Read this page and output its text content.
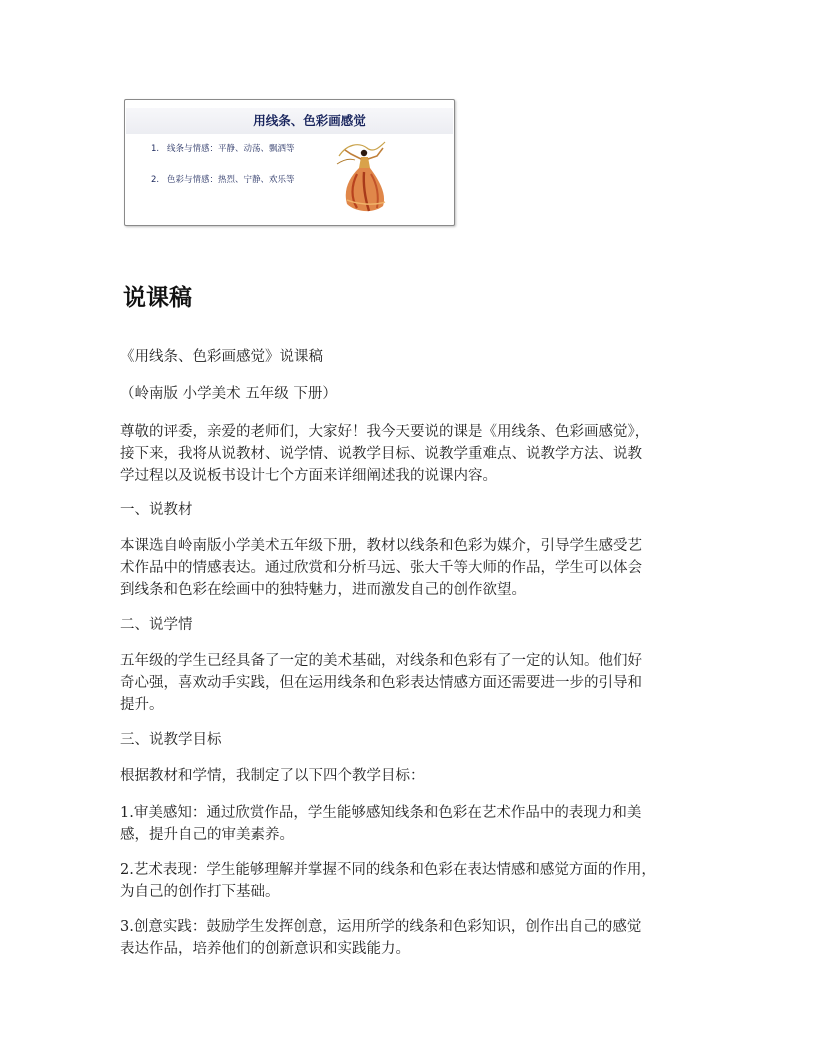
用线条、色彩画感觉
1. 线条与情感：平静、动荡、飘洒等
2. 色彩与情感：热烈、宁静、欢乐等
说课稿

《用线条、色彩画感觉》说课稿

（岭南版 小学美术 五年级 下册）

尊敬的评委，亲爱的老师们，大家好！我今天要说的课是《用线条、色彩画感觉》，
接下来，我将从说教材、说学情、说教学目标、说教学重难点、说教学方法、说教
学过程以及说板书设计七个方面来详细阐述我的说课内容。

一、说教材

本课选自岭南版小学美术五年级下册，教材以线条和色彩为媒介，引导学生感受艺
术作品中的情感表达。通过欣赏和分析马远、张大千等大师的作品，学生可以体会
到线条和色彩在绘画中的独特魅力，进而激发自己的创作欲望。

二、说学情

五年级的学生已经具备了一定的美术基础，对线条和色彩有了一定的认知。他们好
奇心强，喜欢动手实践，但在运用线条和色彩表达情感方面还需要进一步的引导和
提升。

三、说教学目标

根据教材和学情，我制定了以下四个教学目标：

1.审美感知：通过欣赏作品，学生能够感知线条和色彩在艺术作品中的表现力和美
感，提升自己的审美素养。

2.艺术表现：学生能够理解并掌握不同的线条和色彩在表达情感和感觉方面的作用，
为自己的创作打下基础。

3.创意实践：鼓励学生发挥创意，运用所学的线条和色彩知识，创作出自己的感觉
表达作品，培养他们的创新意识和实践能力。
